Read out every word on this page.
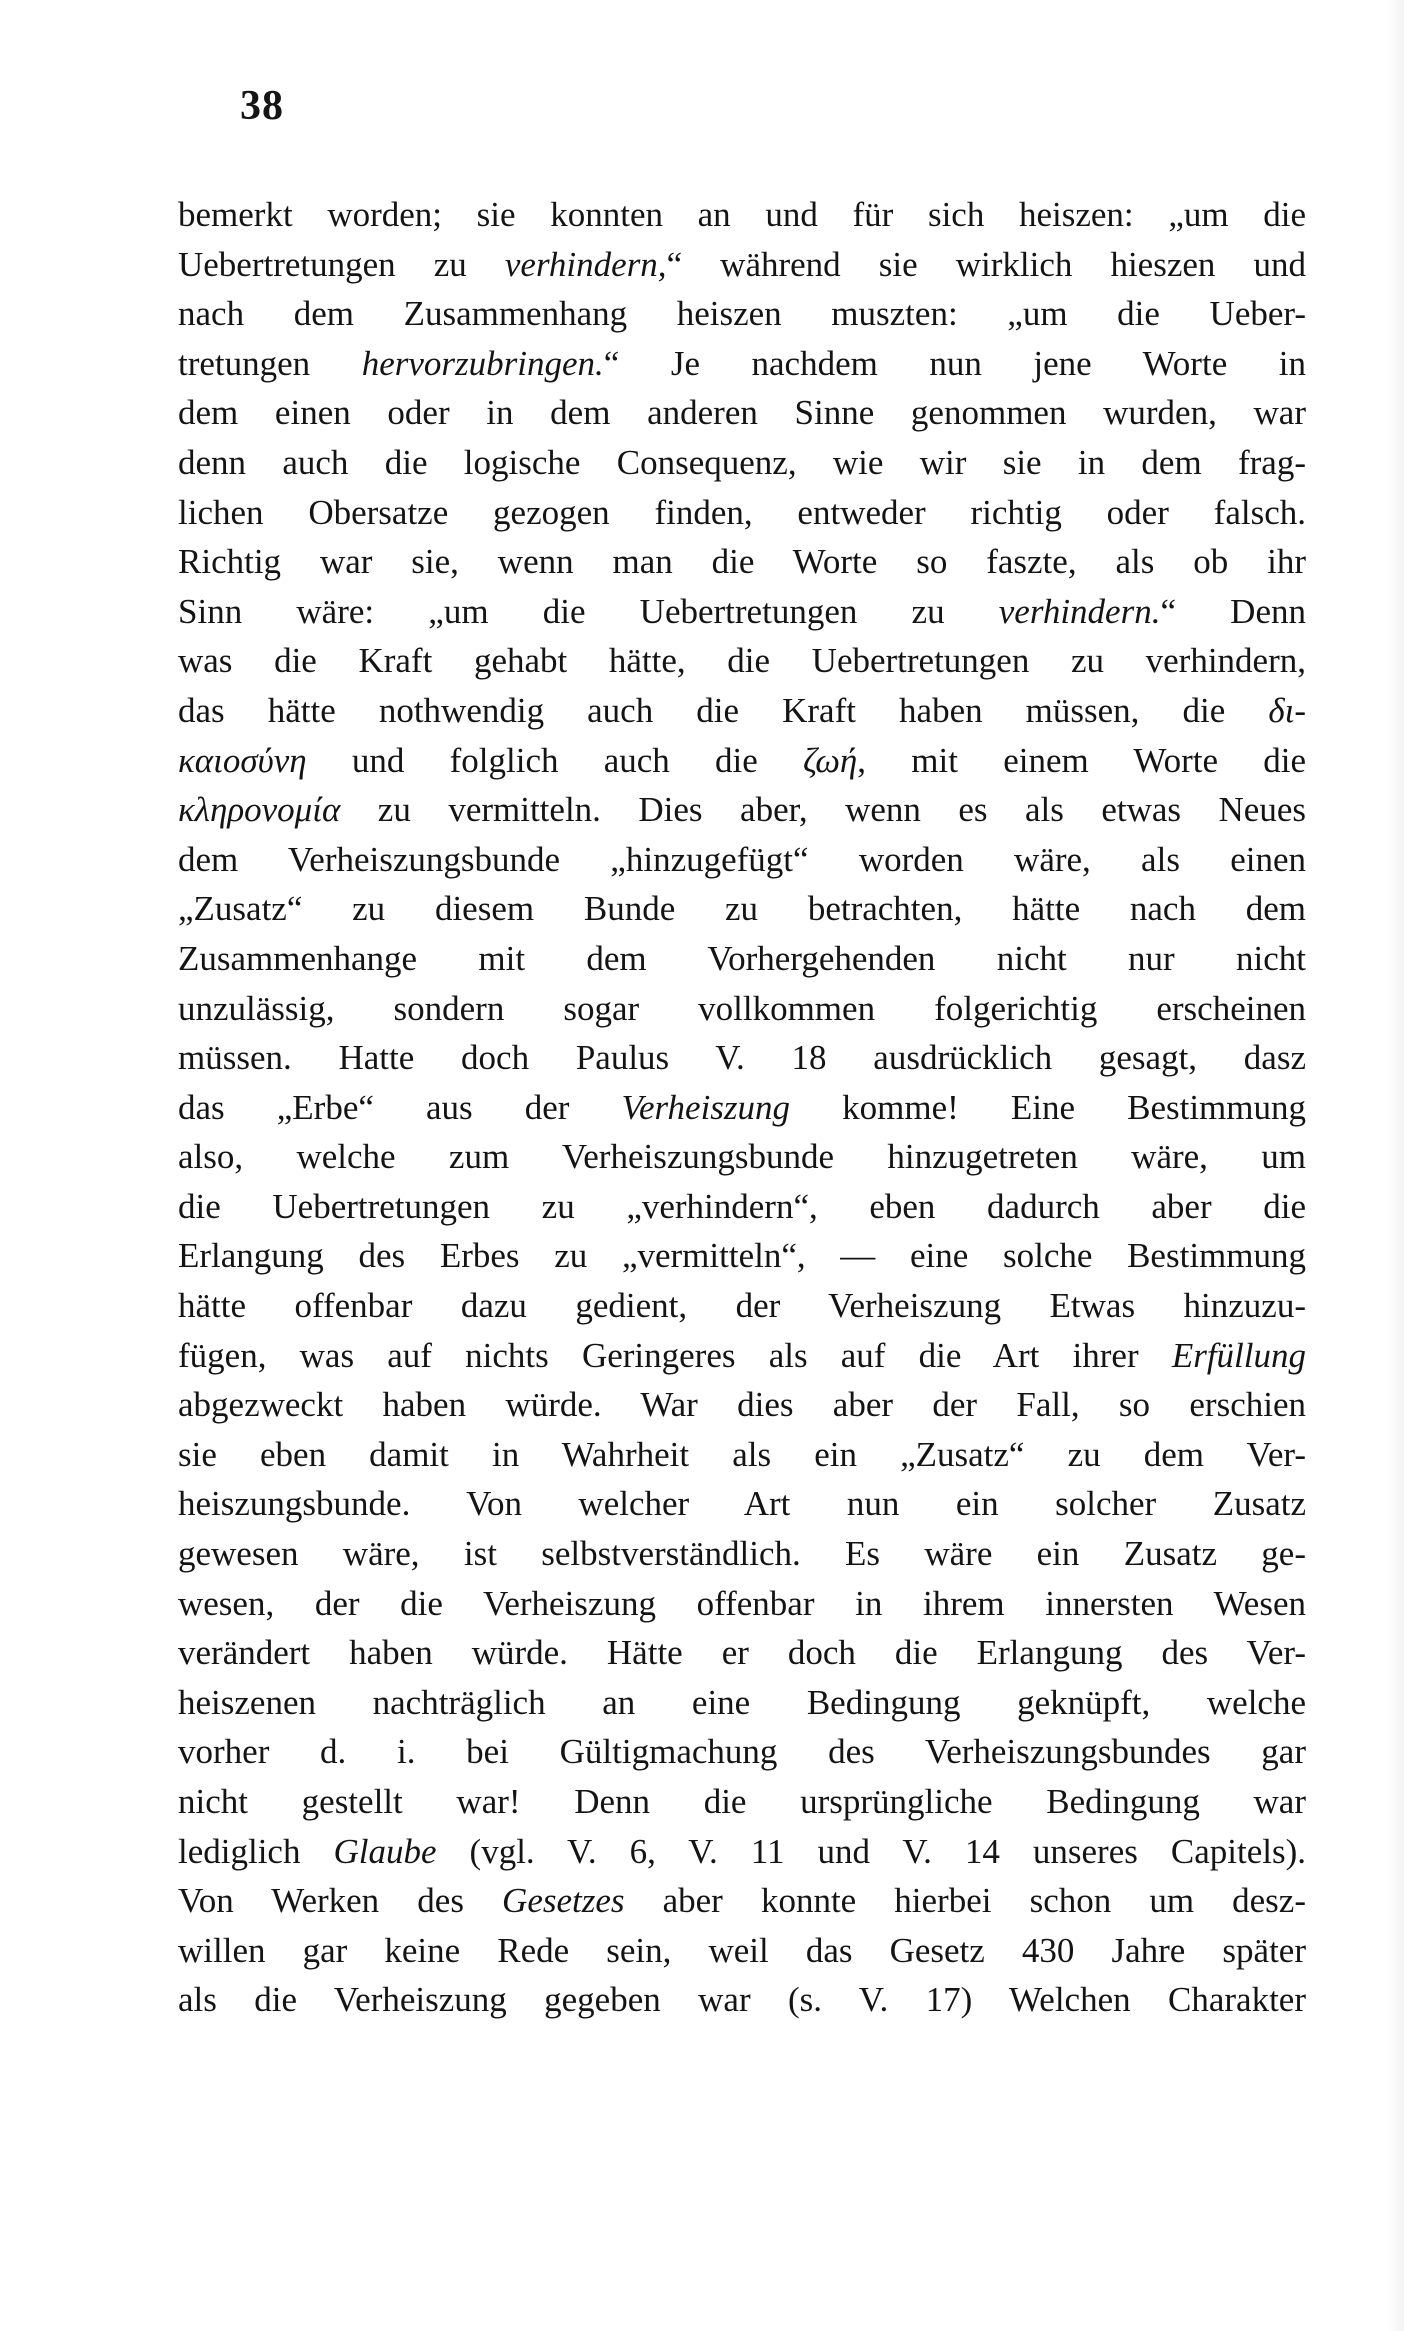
38
bemerkt worden; sie konnten an und für sich heiszen: „um die
Uebertretungen zu verhindern,“ während sie wirklich hieszen und
nach dem Zusammenhang heiszen muszten: „um die Ueber-
tretungen hervorzubringen.“ Je nachdem nun jene Worte in
dem einen oder in dem anderen Sinne genommen wurden, war
denn auch die logische Consequenz, wie wir sie in dem frag-
lichen Obersatze gezogen finden, entweder richtig oder falsch.
Richtig war sie, wenn man die Worte so faszte, als ob ihr
Sinn wäre: „um die Uebertretungen zu verhindern.“ Denn
was die Kraft gehabt hätte, die Uebertretungen zu verhindern,
das hätte nothwendig auch die Kraft haben müssen, die δι-
καιοσύνη und folglich auch die ζωή, mit einem Worte die
κληρονομία zu vermitteln. Dies aber, wenn es als etwas Neues
dem Verheiszungsbunde „hinzugefügt“ worden wäre, als einen
„Zusatz“ zu diesem Bunde zu betrachten, hätte nach dem
Zusammenhange mit dem Vorhergehenden nicht nur nicht
unzulässig, sondern sogar vollkommen folgerichtig erscheinen
müssen. Hatte doch Paulus V. 18 ausdrücklich gesagt, dasz
das „Erbe“ aus der Verheiszung komme! Eine Bestimmung
also, welche zum Verheiszungsbunde hinzugetreten wäre, um
die Uebertretungen zu „verhindern“, eben dadurch aber die
Erlangung des Erbes zu „vermitteln“, — eine solche Bestimmung
hätte offenbar dazu gedient, der Verheiszung Etwas hinzuzu-
fügen, was auf nichts Geringeres als auf die Art ihrer Erfüllung
abgezweckt haben würde. War dies aber der Fall, so erschien
sie eben damit in Wahrheit als ein „Zusatz“ zu dem Ver-
heiszungsbunde. Von welcher Art nun ein solcher Zusatz
gewesen wäre, ist selbstverständlich. Es wäre ein Zusatz ge-
wesen, der die Verheiszung offenbar in ihrem innersten Wesen
verändert haben würde. Hätte er doch die Erlangung des Ver-
heiszenen nachträglich an eine Bedingung geknüpft, welche
vorher d. i. bei Gültigmachung des Verheiszungsbundes gar
nicht gestellt war! Denn die ursprüngliche Bedingung war
lediglich Glaube (vgl. V. 6, V. 11 und V. 14 unseres Capitels).
Von Werken des Gesetzes aber konnte hierbei schon um desz-
willen gar keine Rede sein, weil das Gesetz 430 Jahre später
als die Verheiszung gegeben war (s. V. 17) Welchen Charakter
